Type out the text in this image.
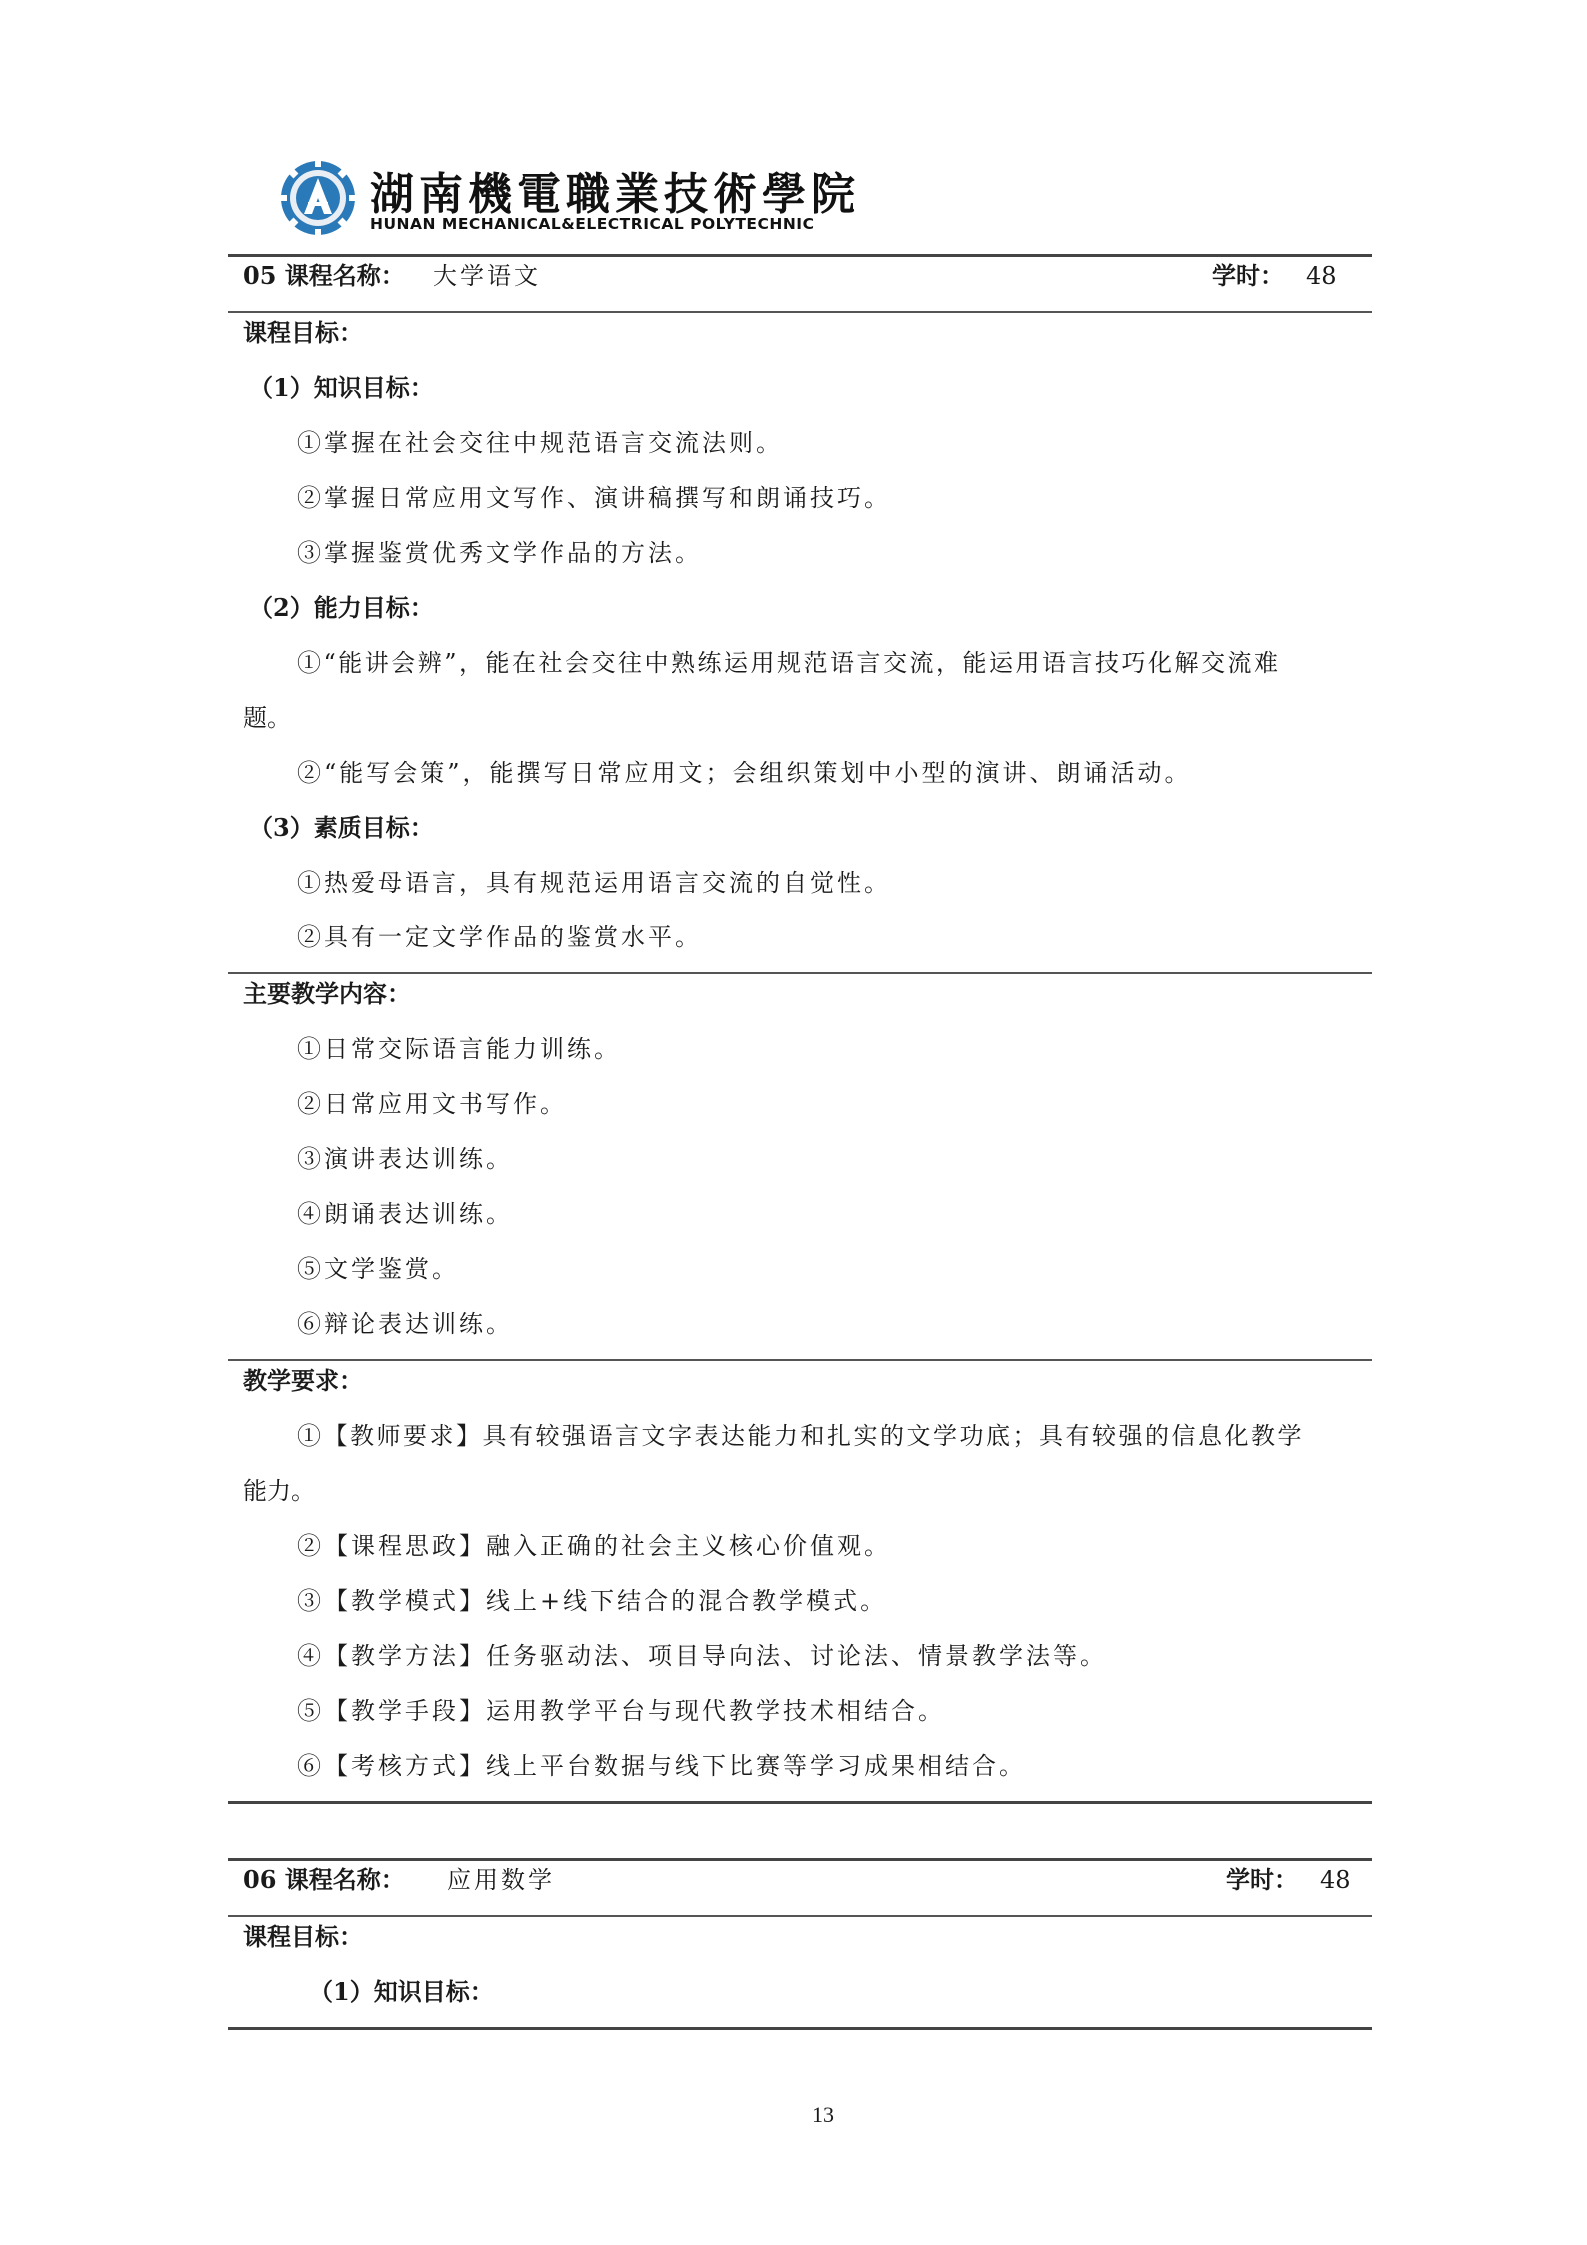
湖南機電職業技術學院
HUNAN MECHANICAL&ELECTRICAL POLYTECHNIC
05 课程名称： 大学语文	学时： 48
课程目标：
（1）知识目标：
①掌握在社会交往中规范语言交流法则。
②掌握日常应用文写作、演讲稿撰写和朗诵技巧。
③掌握鉴赏优秀文学作品的方法。
（2）能力目标：
①“能讲会辨”，能在社会交往中熟练运用规范语言交流，能运用语言技巧化解交流难
题。
②“能写会策”，能撰写日常应用文；会组织策划中小型的演讲、朗诵活动。
（3）素质目标：
①热爱母语言，具有规范运用语言交流的自觉性。
②具有一定文学作品的鉴赏水平。
主要教学内容：
①日常交际语言能力训练。
②日常应用文书写作。
③演讲表达训练。
④朗诵表达训练。
⑤文学鉴赏。
⑥辩论表达训练。
教学要求：
①【教师要求】具有较强语言文字表达能力和扎实的文学功底；具有较强的信息化教学
能力。
②【课程思政】融入正确的社会主义核心价值观。
③【教学模式】线上+线下结合的混合教学模式。
④【教学方法】任务驱动法、项目导向法、讨论法、情景教学法等。
⑤【教学手段】运用教学平台与现代教学技术相结合。
⑥【考核方式】线上平台数据与线下比赛等学习成果相结合。
06 课程名称： 应用数学	学时： 48
课程目标：
（1）知识目标：
13
